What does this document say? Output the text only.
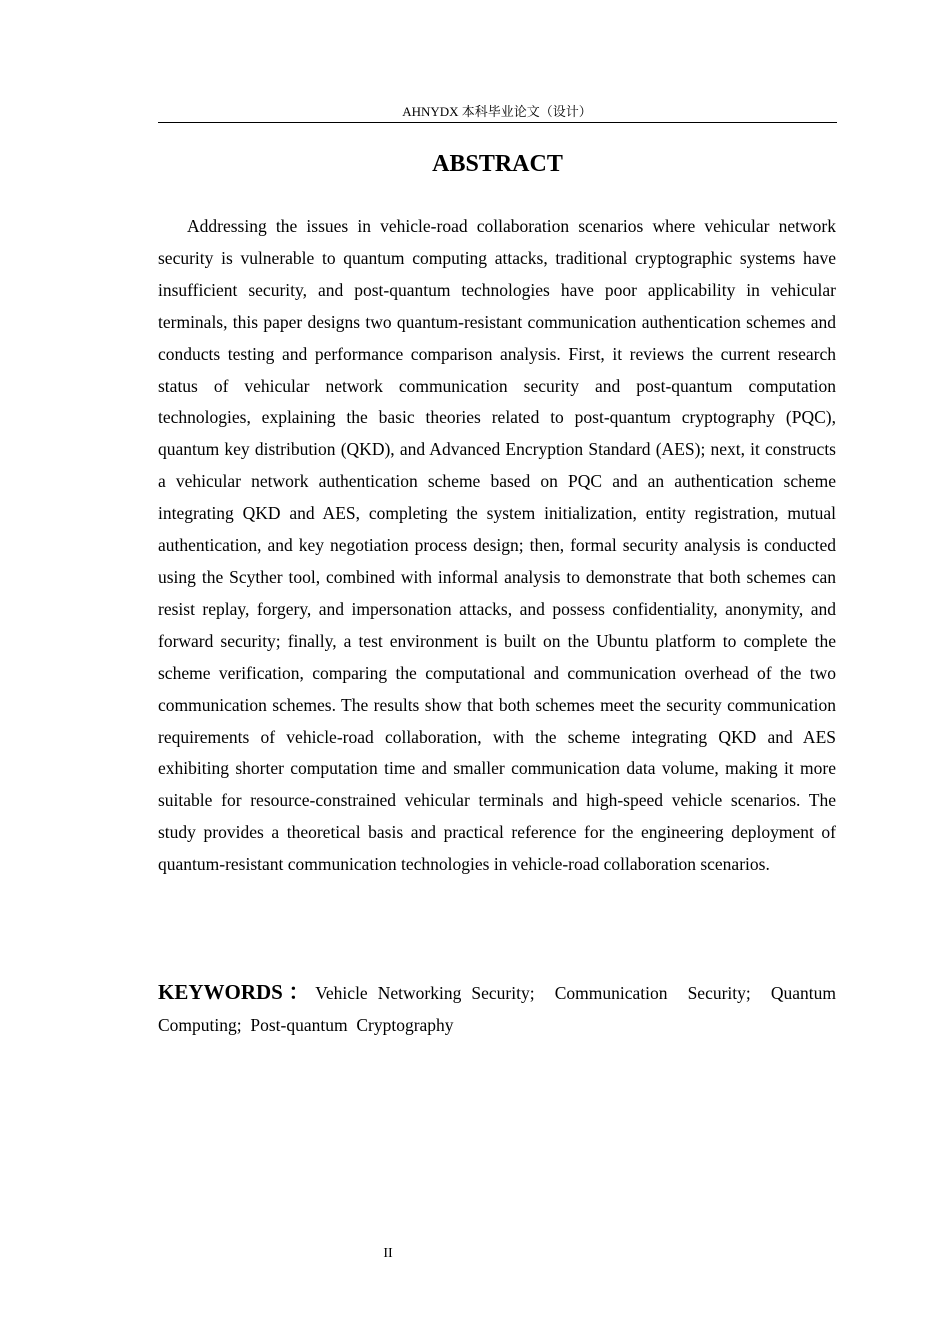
AHNYDX 本科毕业论文（设计）
ABSTRACT

Addressing the issues in vehicle-road collaboration scenarios where vehicular network security is vulnerable to quantum computing attacks, traditional cryptographic systems have insufficient security, and post-quantum technologies have poor applicability in vehicular terminals, this paper designs two quantum-resistant communication authentication schemes and conducts testing and performance comparison analysis. First, it reviews the current research status of vehicular network communication security and post-quantum computation technologies, explaining the basic theories related to post-quantum cryptography (PQC), quantum key distribution (QKD), and Advanced Encryption Standard (AES); next, it constructs a vehicular network authentication scheme based on PQC and an authentication scheme integrating QKD and AES, completing the system initialization, entity registration, mutual authentication, and key negotiation process design; then, formal security analysis is conducted using the Scyther tool, combined with informal analysis to demonstrate that both schemes can resist replay, forgery, and impersonation attacks, and possess confidentiality, anonymity, and forward security; finally, a test environment is built on the Ubuntu platform to complete the scheme verification, comparing the computational and communication overhead of the two communication schemes. The results show that both schemes meet the security communication requirements of vehicle-road collaboration, with the scheme integrating QKD and AES exhibiting shorter computation time and smaller communication data volume, making it more suitable for resource-constrained vehicular terminals and high-speed vehicle scenarios. The study provides a theoretical basis and practical reference for the engineering deployment of quantum-resistant communication technologies in vehicle-road collaboration scenarios.

KEYWORDS：Vehicle Networking Security;  Communication  Security;  Quantum Computing;  Post-quantum  Cryptography

II
